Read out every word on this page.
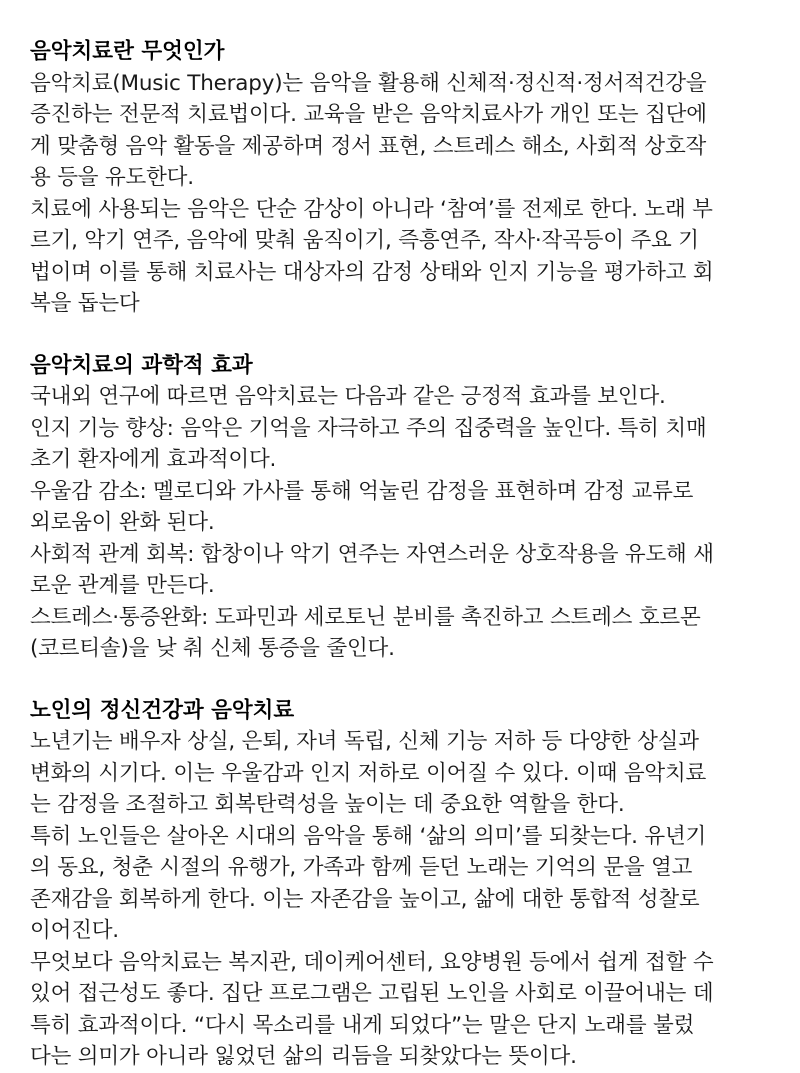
음악치료란 무엇인가

음악치료(Music Therapy)는 음악을 활용해 신체적·정신적·정서적건강을

증진하는 전문적 치료법이다. 교육을 받은 음악치료사가 개인 또는 집단에

게 맞춤형 음악 활동을 제공하며 정서 표현, 스트레스 해소, 사회적 상호작

용 등을 유도한다.

치료에 사용되는 음악은 단순 감상이 아니라 ‘참여’를 전제로 한다. 노래 부

르기, 악기 연주, 음악에 맞춰 움직이기, 즉흥연주, 작사·작곡등이 주요 기

법이며 이를 통해 치료사는 대상자의 감정 상태와 인지 기능을 평가하고 회

복을 돕는다

음악치료의 과학적 효과

국내외 연구에 따르면 음악치료는 다음과 같은 긍정적 효과를 보인다.

인지 기능 향상: 음악은 기억을 자극하고 주의 집중력을 높인다. 특히 치매

초기 환자에게 효과적이다.

우울감 감소: 멜로디와 가사를 통해 억눌린 감정을 표현하며 감정 교류로

외로움이 완화 된다.

사회적 관계 회복: 합창이나 악기 연주는 자연스러운 상호작용을 유도해 새

로운 관계를 만든다.

스트레스·통증완화: 도파민과 세로토닌 분비를 촉진하고 스트레스 호르몬

(코르티솔)을 낮 춰 신체 통증을 줄인다.

노인의 정신건강과 음악치료

노년기는 배우자 상실, 은퇴, 자녀 독립, 신체 기능 저하 등 다양한 상실과

변화의 시기다. 이는 우울감과 인지 저하로 이어질 수 있다. 이때 음악치료

는 감정을 조절하고 회복탄력성을 높이는 데 중요한 역할을 한다.

특히 노인들은 살아온 시대의 음악을 통해 ‘삶의 의미’를 되찾는다. 유년기

의 동요, 청춘 시절의 유행가, 가족과 함께 듣던 노래는 기억의 문을 열고

존재감을 회복하게 한다. 이는 자존감을 높이고, 삶에 대한 통합적 성찰로

이어진다.

무엇보다 음악치료는 복지관, 데이케어센터, 요양병원 등에서 쉽게 접할 수

있어 접근성도 좋다. 집단 프로그램은 고립된 노인을 사회로 이끌어내는 데

특히 효과적이다. “다시 목소리를 내게 되었다”는 말은 단지 노래를 불렀

다는 의미가 아니라 잃었던 삶의 리듬을 되찾았다는 뜻이다.
